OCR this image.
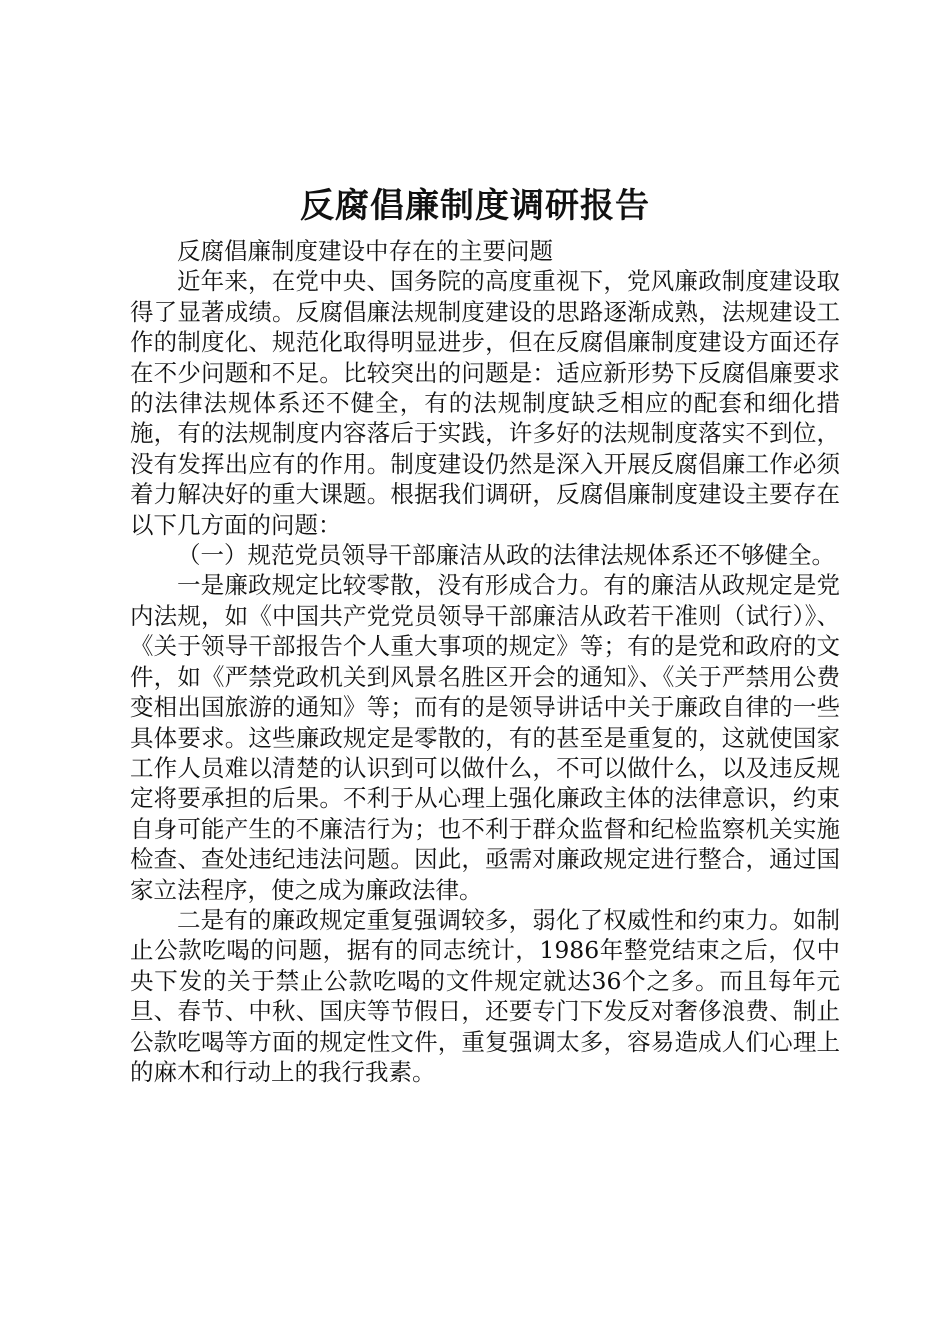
反腐倡廉制度调研报告

反腐倡廉制度建设中存在的主要问题

近年来，在党中央、国务院的高度重视下，党风廉政制度建设取得了显著成绩。反腐倡廉法规制度建设的思路逐渐成熟，法规建设工作的制度化、规范化取得明显进步，但在反腐倡廉制度建设方面还存在不少问题和不足。比较突出的问题是：适应新形势下反腐倡廉要求的法律法规体系还不健全，有的法规制度缺乏相应的配套和细化措施，有的法规制度内容落后于实践，许多好的法规制度落实不到位，没有发挥出应有的作用。制度建设仍然是深入开展反腐倡廉工作必须着力解决好的重大课题。根据我们调研，反腐倡廉制度建设主要存在以下几方面的问题：

（一）规范党员领导干部廉洁从政的法律法规体系还不够健全。

一是廉政规定比较零散，没有形成合力。有的廉洁从政规定是党内法规，如《中国共产党党员领导干部廉洁从政若干准则（试行）》、《关于领导干部报告个人重大事项的规定》等；有的是党和政府的文件，如《严禁党政机关到风景名胜区开会的通知》、《关于严禁用公费变相出国旅游的通知》等；而有的是领导讲话中关于廉政自律的一些具体要求。这些廉政规定是零散的，有的甚至是重复的，这就使国家工作人员难以清楚的认识到可以做什么，不可以做什么，以及违反规定将要承担的后果。不利于从心理上强化廉政主体的法律意识，约束自身可能产生的不廉洁行为；也不利于群众监督和纪检监察机关实施检查、查处违纪违法问题。因此，亟需对廉政规定进行整合，通过国家立法程序，使之成为廉政法律。

二是有的廉政规定重复强调较多，弱化了权威性和约束力。如制止公款吃喝的问题，据有的同志统计，1986年整党结束之后，仅中央下发的关于禁止公款吃喝的文件规定就达36个之多。而且每年元旦、春节、中秋、国庆等节假日，还要专门下发反对奢侈浪费、制止公款吃喝等方面的规定性文件，重复强调太多，容易造成人们心理上的麻木和行动上的我行我素。
